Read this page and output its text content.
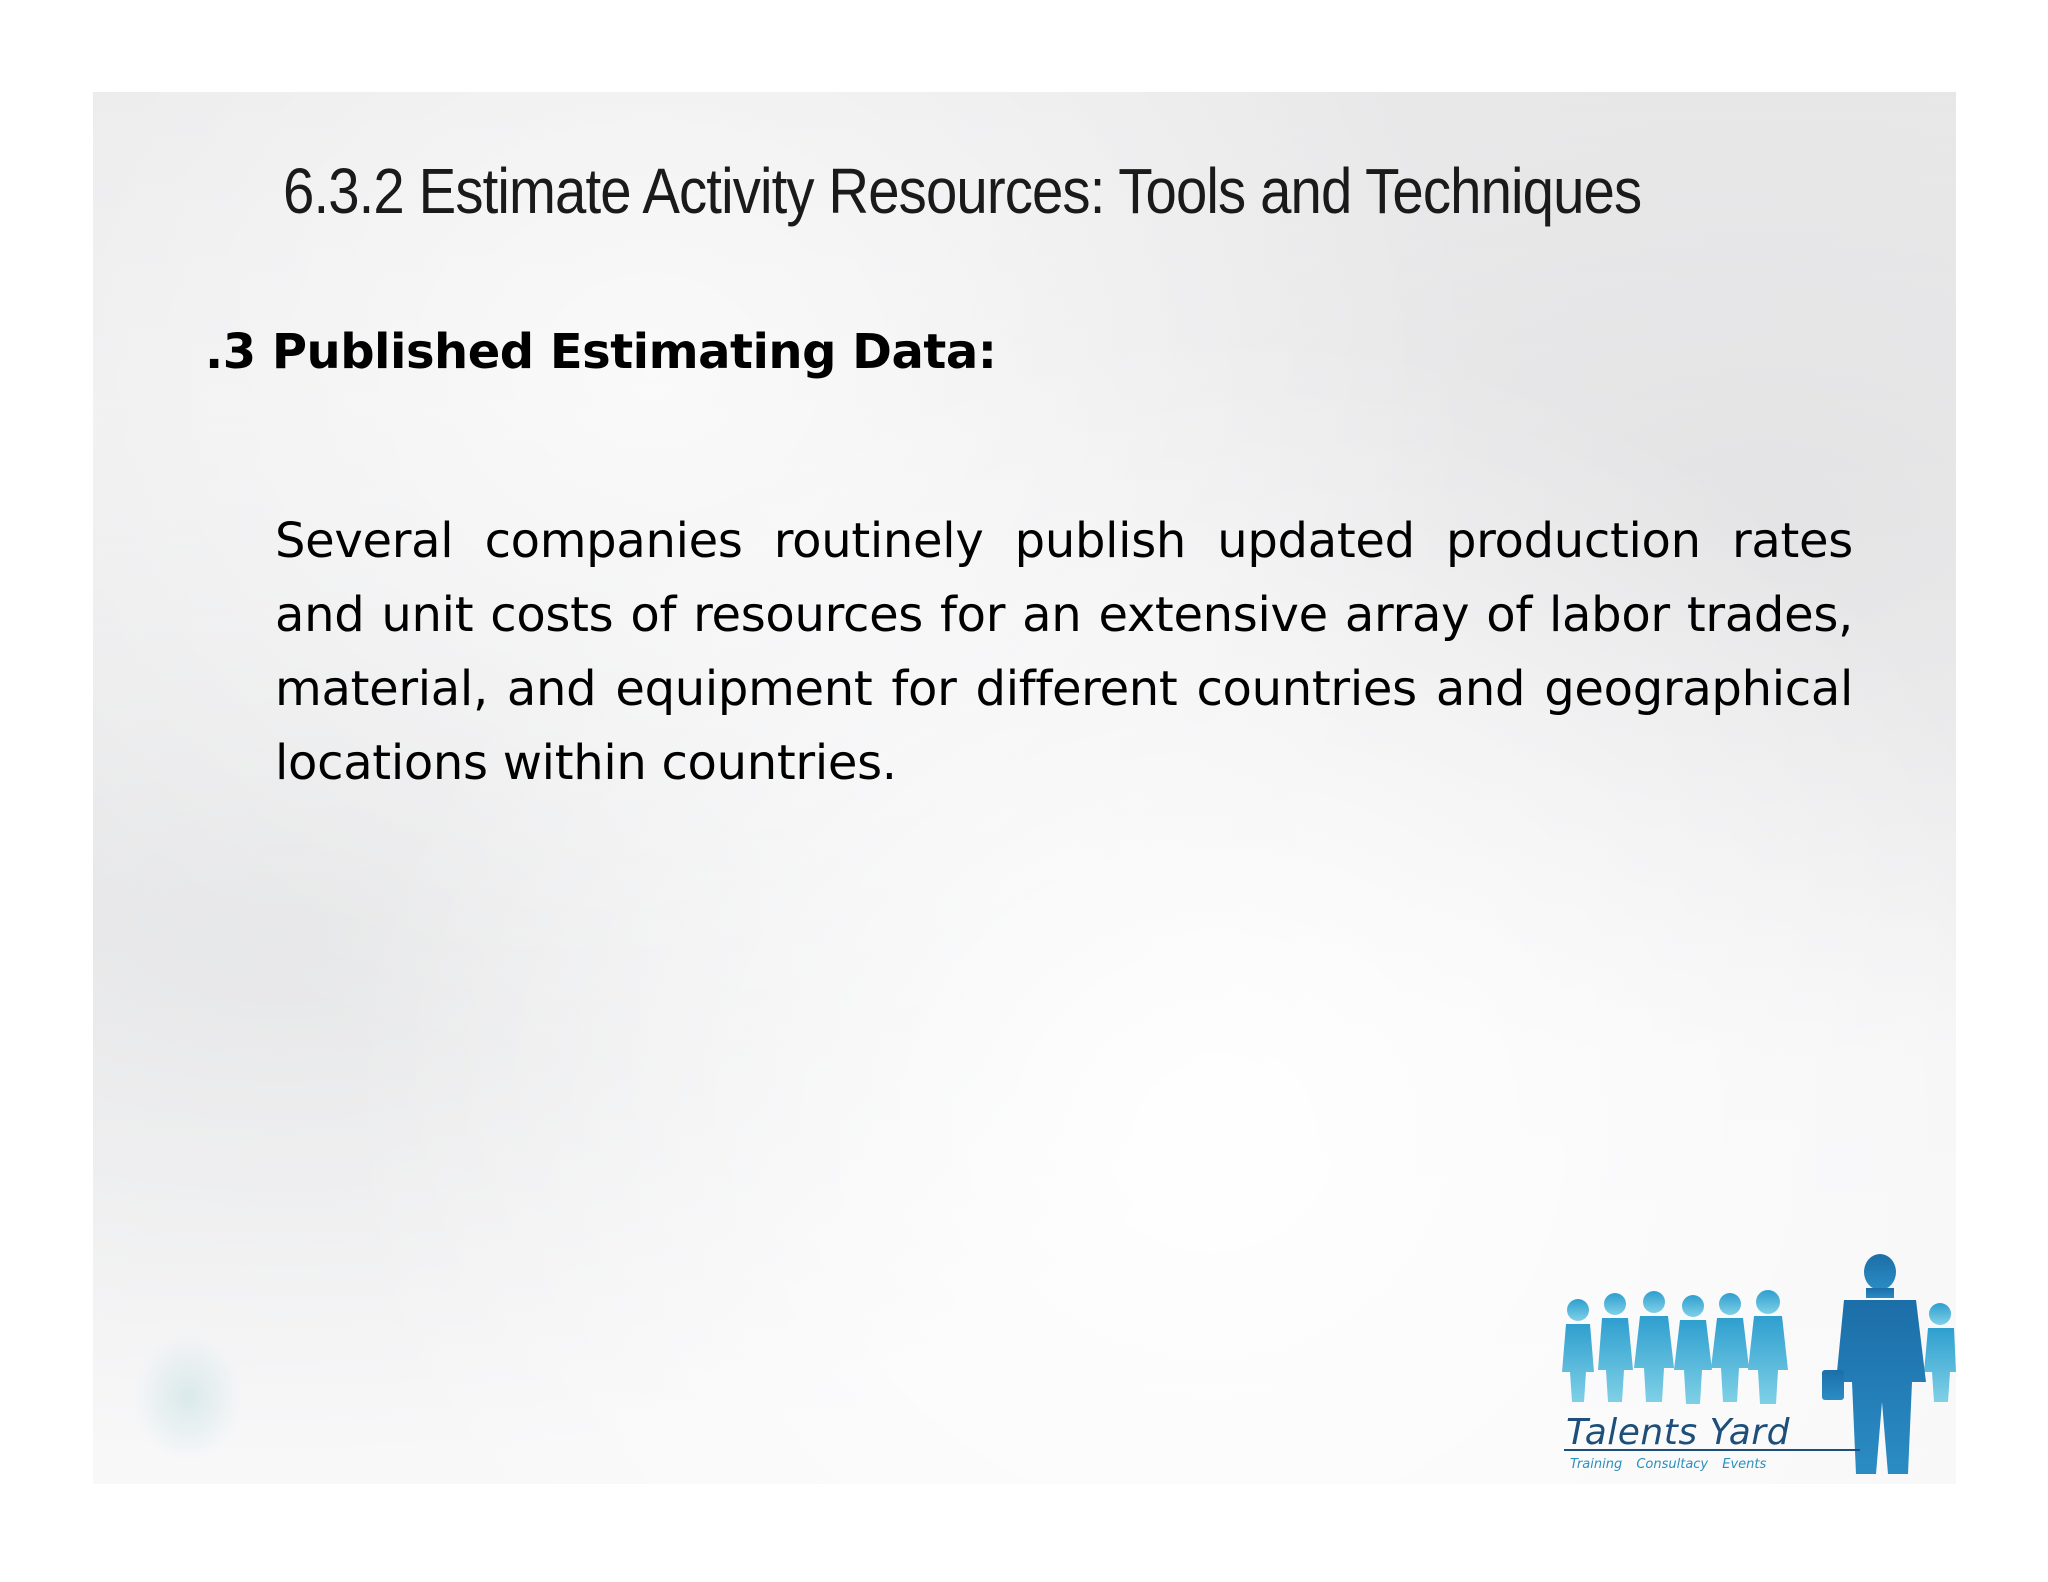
6.3.2 Estimate Activity Resources: Tools and Techniques

.3 Published Estimating Data:

Several companies routinely publish updated production rates and unit costs of resources for an extensive array of labor trades, material, and equipment for different countries and geographical locations within countries.

Talents Yard
Training Consultacy Events
